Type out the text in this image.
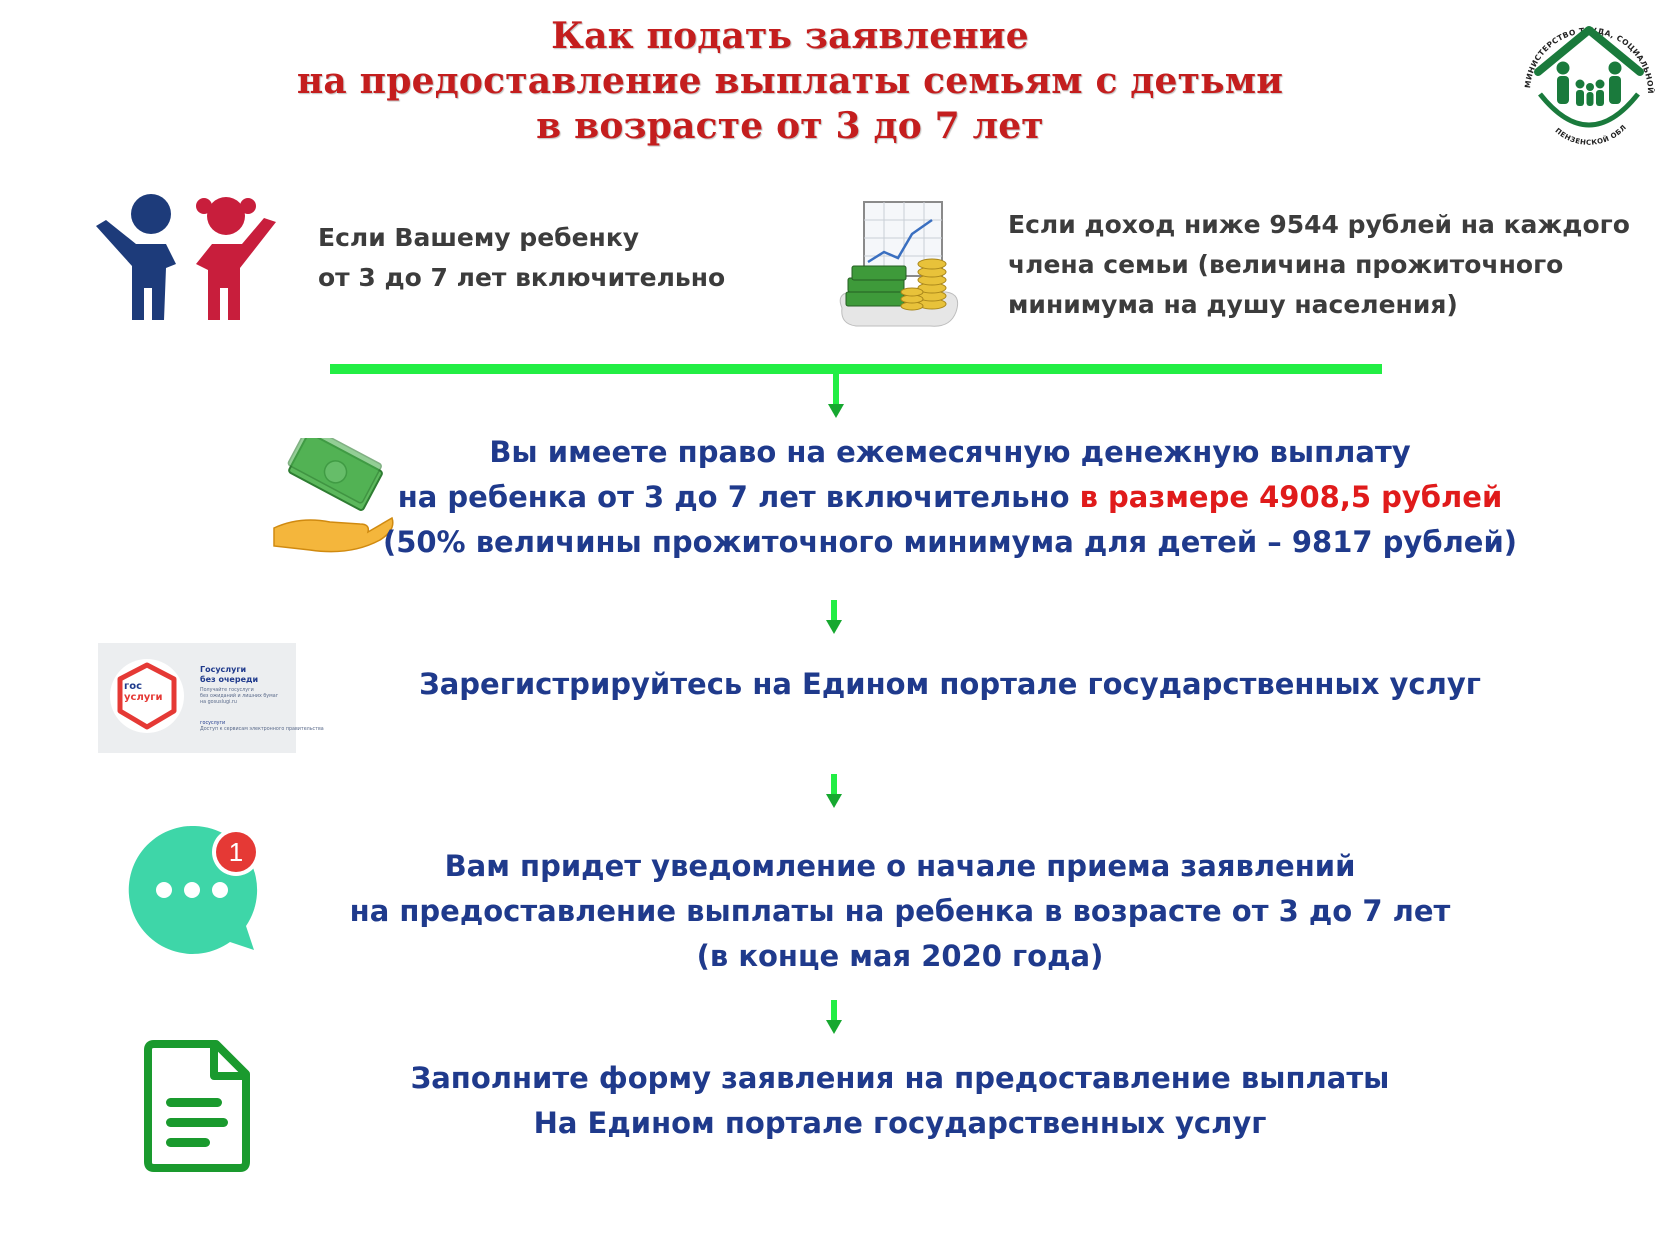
Как подать заявление
на предоставление выплаты семьям с детьми
в возрасте от 3 до 7 лет
МИНИСТЕРСТВО ТРУДА, СОЦИАЛЬНОЙ
ПЕНЗЕНСКОЙ ОБЛ
Если Вашему ребенку
от 3 до 7 лет включительно
Если доход ниже 9544 рублей на каждого
члена семьи (величина прожиточного
минимума на душу населения)
Вы имеете право на ежемесячную денежную выплату
на ребенка от 3 до 7 лет включительно в размере 4908,5 рублей
(50% величины прожиточного минимума для детей – 9817 рублей)
гос
услуги
Госуслуги
без очереди
Получайте госуслуги
без ожиданий и лишних бумаг
на gosuslugi.ru
госуслуги
Доступ к сервисам электронного правительства
Зарегистрируйтесь на Едином портале государственных услуг
1	Вам придет уведомление о начале приема заявлений
на предоставление выплаты на ребенка в возрасте от 3 до 7 лет
(в конце мая 2020 года)
Заполните форму заявления на предоставление выплаты
На Едином портале государственных услуг
